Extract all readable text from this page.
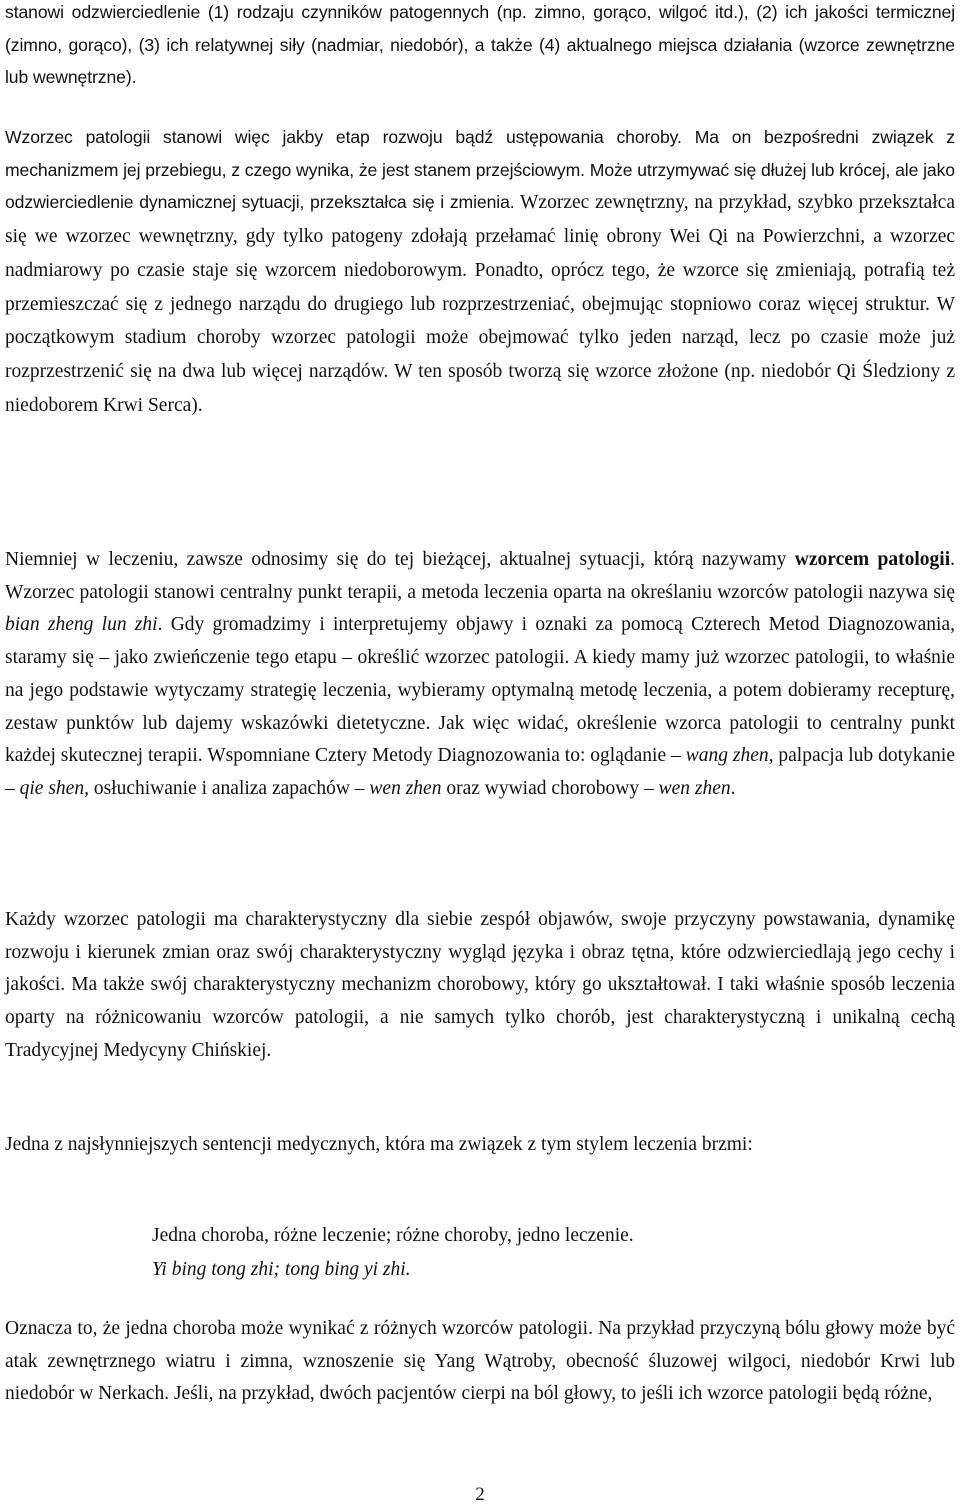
stanowi odzwierciedlenie (1) rodzaju czynników patogennych (np. zimno, gorąco, wilgoć itd.), (2) ich jakości termicznej (zimno, gorąco), (3) ich relatywnej siły (nadmiar, niedobór), a także (4) aktualnego miejsca działania (wzorce zewnętrzne lub wewnętrzne).

Wzorzec patologii stanowi więc jakby etap rozwoju bądź ustępowania choroby. Ma on bezpośredni związek z mechanizmem jej przebiegu, z czego wynika, że jest stanem przejściowym. Może utrzymywać się dłużej lub krócej, ale jako odzwierciedlenie dynamicznej sytuacji, przekształca się i zmienia. Wzorzec zewnętrzny, na przykład, szybko przekształca się we wzorzec wewnętrzny, gdy tylko patogeny zdołają przełamać linię obrony Wei Qi na Powierzchni, a wzorzec nadmiarowy po czasie staje się wzorcem niedoborowym. Ponadto, oprócz tego, że wzorce się zmieniają, potrafią też przemieszczać się z jednego narządu do drugiego lub rozprzestrzeniać, obejmując stopniowo coraz więcej struktur. W początkowym stadium choroby wzorzec patologii może obejmować tylko jeden narząd, lecz po czasie może już rozprzestrzenić się na dwa lub więcej narządów. W ten sposób tworzą się wzorce złożone (np. niedobór Qi Śledziony z niedoborem Krwi Serca).

Niemniej w leczeniu, zawsze odnosimy się do tej bieżącej, aktualnej sytuacji, którą nazywamy wzorcem patologii. Wzorzec patologii stanowi centralny punkt terapii, a metoda leczenia oparta na określaniu wzorców patologii nazywa się bian zheng lun zhi. Gdy gromadzimy i interpretujemy objawy i oznaki za pomocą Czterech Metod Diagnozowania, staramy się – jako zwieńczenie tego etapu – określić wzorzec patologii. A kiedy mamy już wzorzec patologii, to właśnie na jego podstawie wytyczamy strategię leczenia, wybieramy optymalną metodę leczenia, a potem dobieramy recepturę, zestaw punktów lub dajemy wskazówki dietetyczne. Jak więc widać, określenie wzorca patologii to centralny punkt każdej skutecznej terapii. Wspomniane Cztery Metody Diagnozowania to: oglądanie – wang zhen, palpacja lub dotykanie – qie shen, osłuchiwanie i analiza zapachów – wen zhen oraz wywiad chorobowy – wen zhen.

Każdy wzorzec patologii ma charakterystyczny dla siebie zespół objawów, swoje przyczyny powstawania, dynamikę rozwoju i kierunek zmian oraz swój charakterystyczny wygląd języka i obraz tętna, które odzwierciedlają jego cechy i jakości. Ma także swój charakterystyczny mechanizm chorobowy, który go ukształtował. I taki właśnie sposób leczenia oparty na różnicowaniu wzorców patologii, a nie samych tylko chorób, jest charakterystyczną i unikalną cechą Tradycyjnej Medycyny Chińskiej.

Jedna z najsłynniejszych sentencji medycznych, która ma związek z tym stylem leczenia brzmi:

Jedna choroba, różne leczenie; różne choroby, jedno leczenie.

Yi bing tong zhi; tong bing yi zhi.

Oznacza to, że jedna choroba może wynikać z różnych wzorców patologii. Na przykład przyczyną bólu głowy może być atak zewnętrznego wiatru i zimna, wznoszenie się Yang Wątroby, obecność śluzowej wilgoci, niedobór Krwi lub niedobór w Nerkach. Jeśli, na przykład, dwóch pacjentów cierpi na ból głowy, to jeśli ich wzorce patologii będą różne,

2
